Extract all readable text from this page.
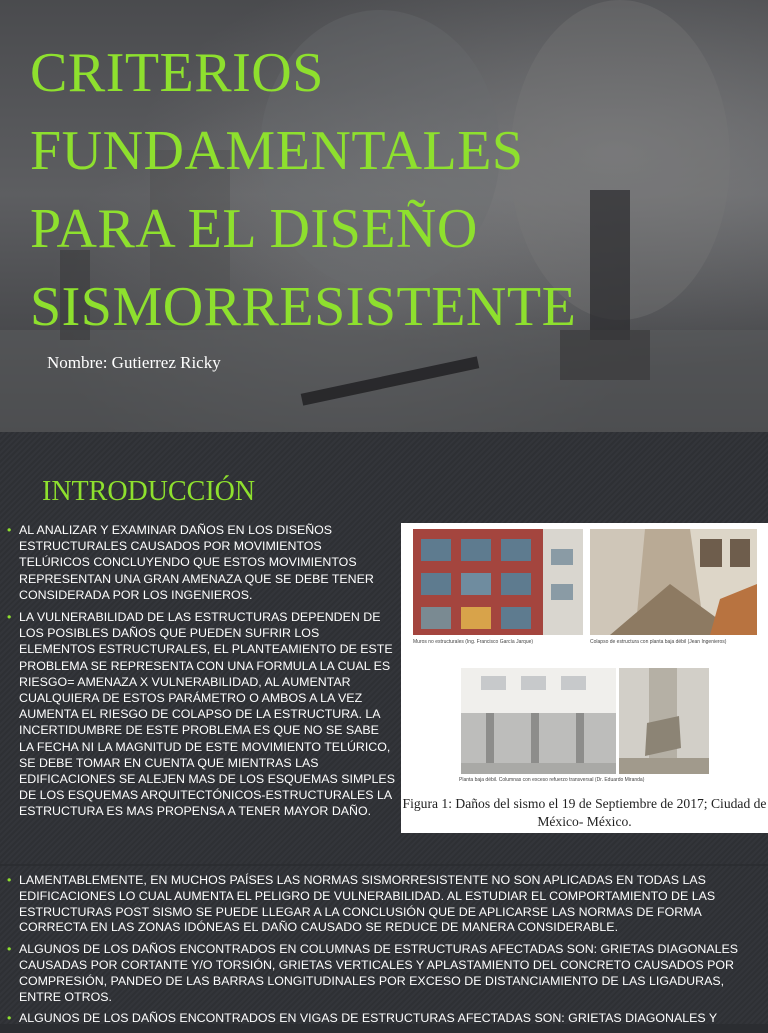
CRITERIOS
FUNDAMENTALES
PARA EL DISEÑO
SISMORRESISTENTE
Nombre: Gutierrez Ricky
INTRODUCCIÓN
• AL ANALIZAR Y EXAMINAR DAÑOS EN LOS DISEÑOS ESTRUCTURALES CAUSADOS POR MOVIMIENTOS TELÚRICOS CONCLUYENDO QUE ESTOS MOVIMIENTOS REPRESENTAN UNA GRAN AMENAZA QUE SE DEBE TENER CONSIDERADA POR LOS INGENIEROS.
• LA VULNERABILIDAD DE LAS ESTRUCTURAS DEPENDEN DE LOS POSIBLES DAÑOS QUE PUEDEN SUFRIR LOS ELEMENTOS ESTRUCTURALES, EL PLANTEAMIENTO DE ESTE PROBLEMA SE REPRESENTA CON UNA FORMULA LA CUAL ES RIESGO= AMENAZA X VULNERABILIDAD, AL AUMENTAR CUALQUIERA DE ESTOS PARÁMETRO O AMBOS A LA VEZ AUMENTA EL RIESGO DE COLAPSO DE LA ESTRUCTURA. LA INCERTIDUMBRE DE ESTE PROBLEMA ES QUE NO SE SABE LA FECHA NI LA MAGNITUD DE ESTE MOVIMIENTO TELÚRICO, SE DEBE TOMAR EN CUENTA QUE MIENTRAS LAS EDIFICACIONES SE ALEJEN MAS DE LOS ESQUEMAS SIMPLES DE LOS ESQUEMAS ARQUITECTÓNICOS-ESTRUCTURALES LA ESTRUCTURA ES MAS PROPENSA A TENER MAYOR DAÑO.
Muros no estructurales (Ing. Francisco García Jarque)	Colapso de estructura con planta baja débil (Jean Ingenieros)
Planta baja débil. Columnas con exceso refuerzo transversal (Dr. Eduardo Miranda)
Figura 1: Daños del sismo el 19 de Septiembre de 2017; Ciudad de México- México.
• LAMENTABLEMENTE, EN MUCHOS PAÍSES LAS NORMAS SISMORRESISTENTE NO SON APLICADAS EN TODAS LAS EDIFICACIONES LO CUAL AUMENTA EL PELIGRO DE VULNERABILIDAD. AL ESTUDIAR EL COMPORTAMIENTO DE LAS ESTRUCTURAS POST SISMO SE PUEDE LLEGAR A LA CONCLUSIÓN QUE DE APLICARSE LAS NORMAS DE FORMA CORRECTA EN LAS ZONAS IDÓNEAS EL DAÑO CAUSADO SE REDUCE DE MANERA CONSIDERABLE.
• ALGUNOS DE LOS DAÑOS ENCONTRADOS EN COLUMNAS DE ESTRUCTURAS AFECTADAS SON: GRIETAS DIAGONALES CAUSADAS POR CORTANTE Y/O TORSIÓN, GRIETAS VERTICALES Y APLASTAMIENTO DEL CONCRETO CAUSADOS POR COMPRESIÓN, PANDEO DE LAS BARRAS LONGITUDINALES POR EXCESO DE DISTANCIAMIENTO DE LAS LIGADURAS, ENTRE OTROS.
• ALGUNOS DE LOS DAÑOS ENCONTRADOS EN VIGAS DE ESTRUCTURAS AFECTADAS SON: GRIETAS DIAGONALES Y
